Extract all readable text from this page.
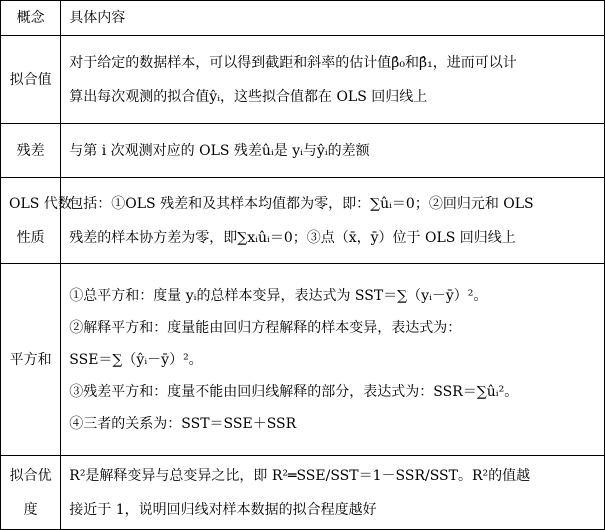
概念	具体内容
拟合值	对于给定的数据样本，可以得到截距和斜率的估计值β̂₀和β̂₁，进而可以计
算出每次观测的拟合值ŷᵢ，这些拟合值都在 OLS 回归线上

残差	与第 i 次观测对应的 OLS 残差ûᵢ是 yᵢ与ŷᵢ的差额

OLS 代数
性质	包括：①OLS 残差和及其样本均值都为零，即：∑ûᵢ＝0；②回归元和 OLS
残差的样本协方差为零，即∑xᵢûᵢ＝0；③点（x̄，ȳ）位于 OLS 回归线上

平方和	①总平方和：度量 yᵢ的总样本变异，表达式为 SST＝∑（yᵢ－ȳ）²。
②解释平方和：度量能由回归方程解释的样本变异，表达式为：
SSE＝∑（ŷᵢ－ȳ）²。
③残差平方和：度量不能由回归线解释的部分，表达式为：SSR＝∑ûᵢ²。
④三者的关系为：SST＝SSE＋SSR

拟合优度	R²是解释变异与总变异之比，即 R²═SSE/SST＝1－SSR/SST。R²的值越
接近于 1，说明回归线对样本数据的拟合程度越好
